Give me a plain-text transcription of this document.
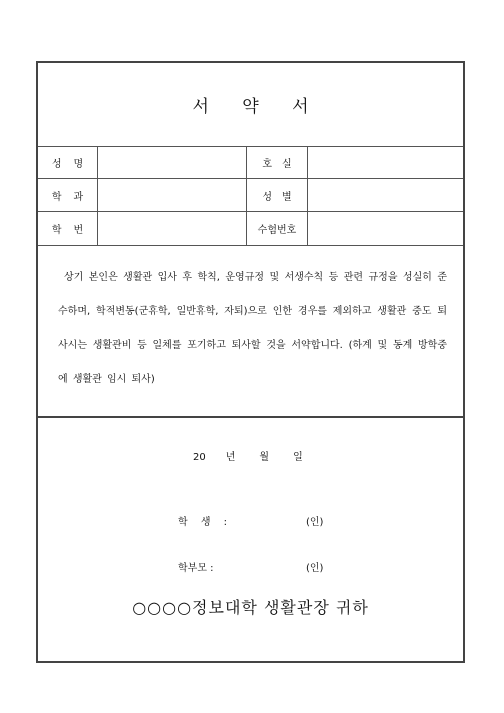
서 약 서
성명	호실
학과	성별
학번	수험번호

상기 본인은 생활관 입사 후 학칙, 운영규정 및 서생수칙 등 관련 규정을 성실히 준수하며, 학적변동(군휴학, 일반휴학, 자퇴)으로 인한 경우를 제외하고 생활관 중도 퇴사시는 생활관비 등 일체를 포기하고 퇴사할 것을 서약합니다. (하계 및 동계 방학중에 생활관 임시 퇴사)

20 년 월 일
학 생 :	(인)
학부모 :	(인)
○○○○정보대학 생활관장 귀하
